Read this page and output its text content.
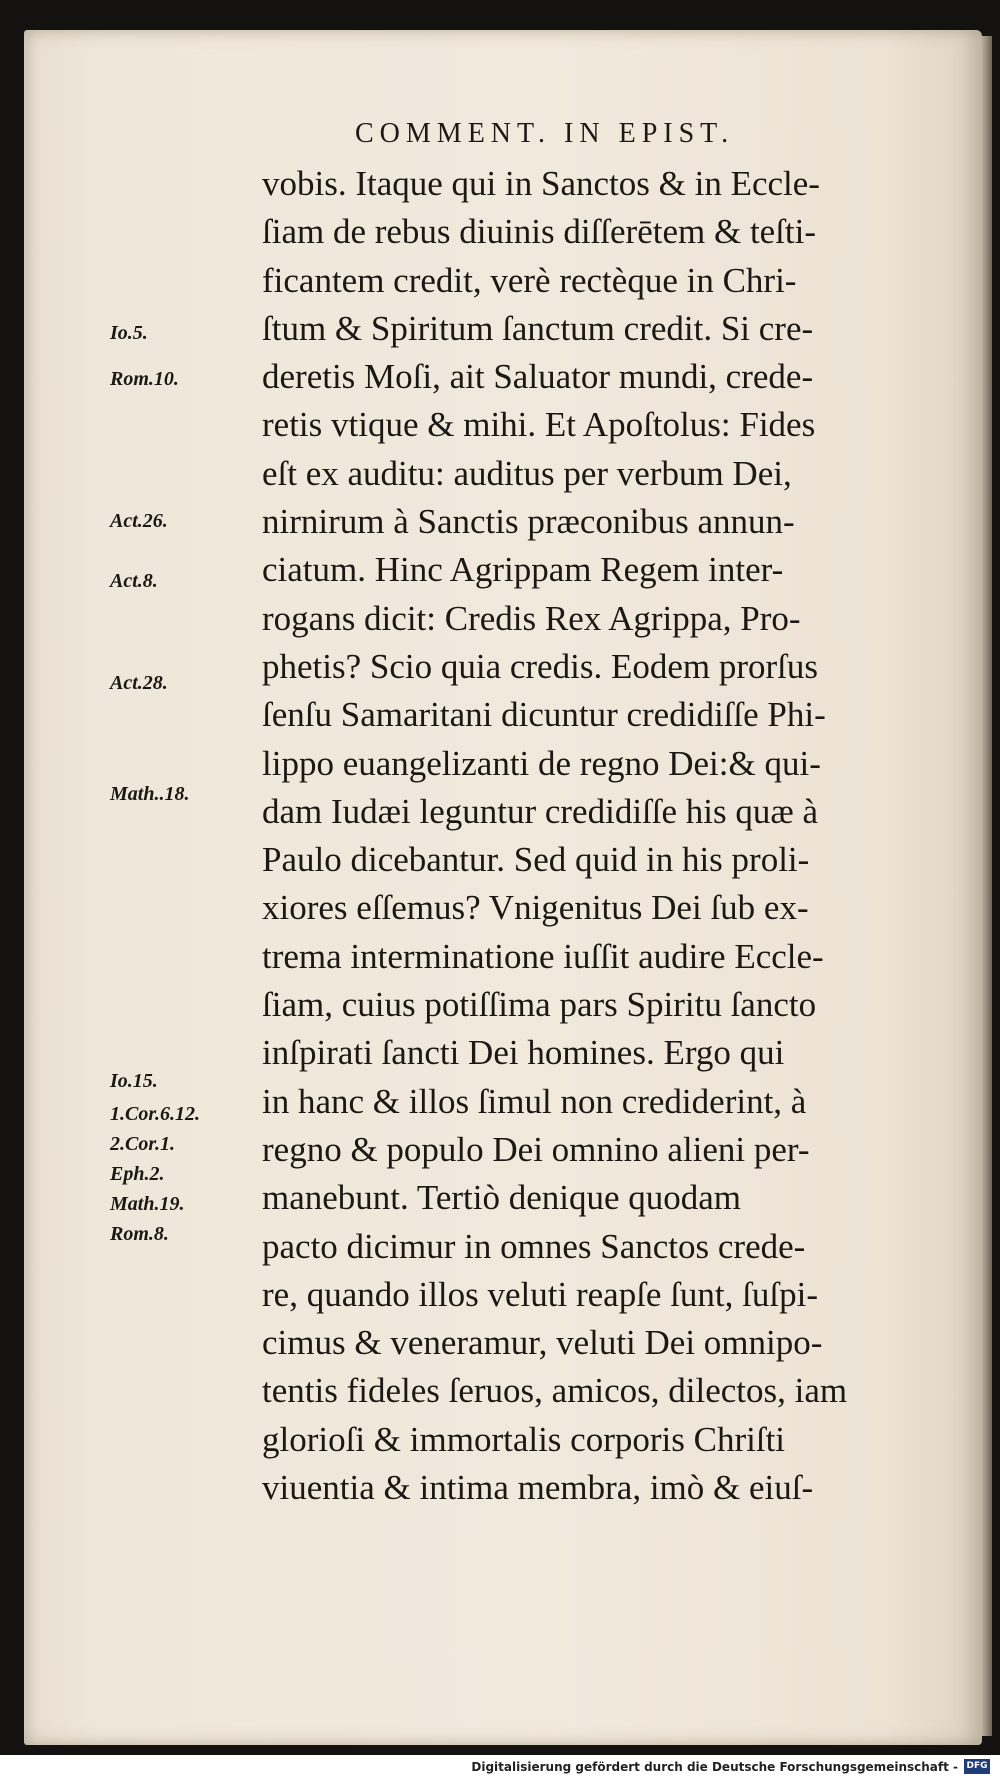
COMMENT. IN EPIST.
vobis. Itaque qui in Sanctos & in Eccle-
ſiam de rebus diuinis diſſerētem & teſti-
ficantem credit, verè rectèque in Chri-
ſtum & Spiritum ſanctum credit. Si cre-
deretis Moſi, ait Saluator mundi, crede-
retis vtique & mihi. Et Apoſtolus: Fides
eſt ex auditu: auditus per verbum Dei,
nirnirum à Sanctis præconibus annun-
ciatum. Hinc Agrippam Regem inter-
rogans dicit: Credis Rex Agrippa, Pro-
phetis? Scio quia credis. Eodem prorſus
ſenſu Samaritani dicuntur credidiſſe Phi-
lippo euangelizanti de regno Dei:& qui-
dam Iudæi leguntur credidiſſe his quæ à
Paulo dicebantur. Sed quid in his proli-
xiores eſſemus? Vnigenitus Dei ſub ex-
trema interminatione iuſſit audire Eccle-
ſiam, cuius potiſſima pars Spiritu ſancto
inſpirati ſancti Dei homines. Ergo qui
in hanc & illos ſimul non crediderint, à
regno & populo Dei omnino alieni per-
manebunt. Tertiò denique quodam
pacto dicimur in omnes Sanctos crede-
re, quando illos veluti reapſe ſunt, ſuſpi-
cimus & veneramur, veluti Dei omnipo-
tentis fideles ſeruos, amicos, dilectos, iam
glorioſi & immortalis corporis Chriſti
viuentia & intima membra, imò & eiuſ-
Io.5.
Rom.10.
Act.26.
Act.8.
Act.28.
Math..18.
Io.15.
1.Cor.6.12.
2.Cor.1.
Eph.2.
Math.19.
Rom.8.
Digitalisierung gefördert durch die Deutsche Forschungsgemeinschaft - DFG
